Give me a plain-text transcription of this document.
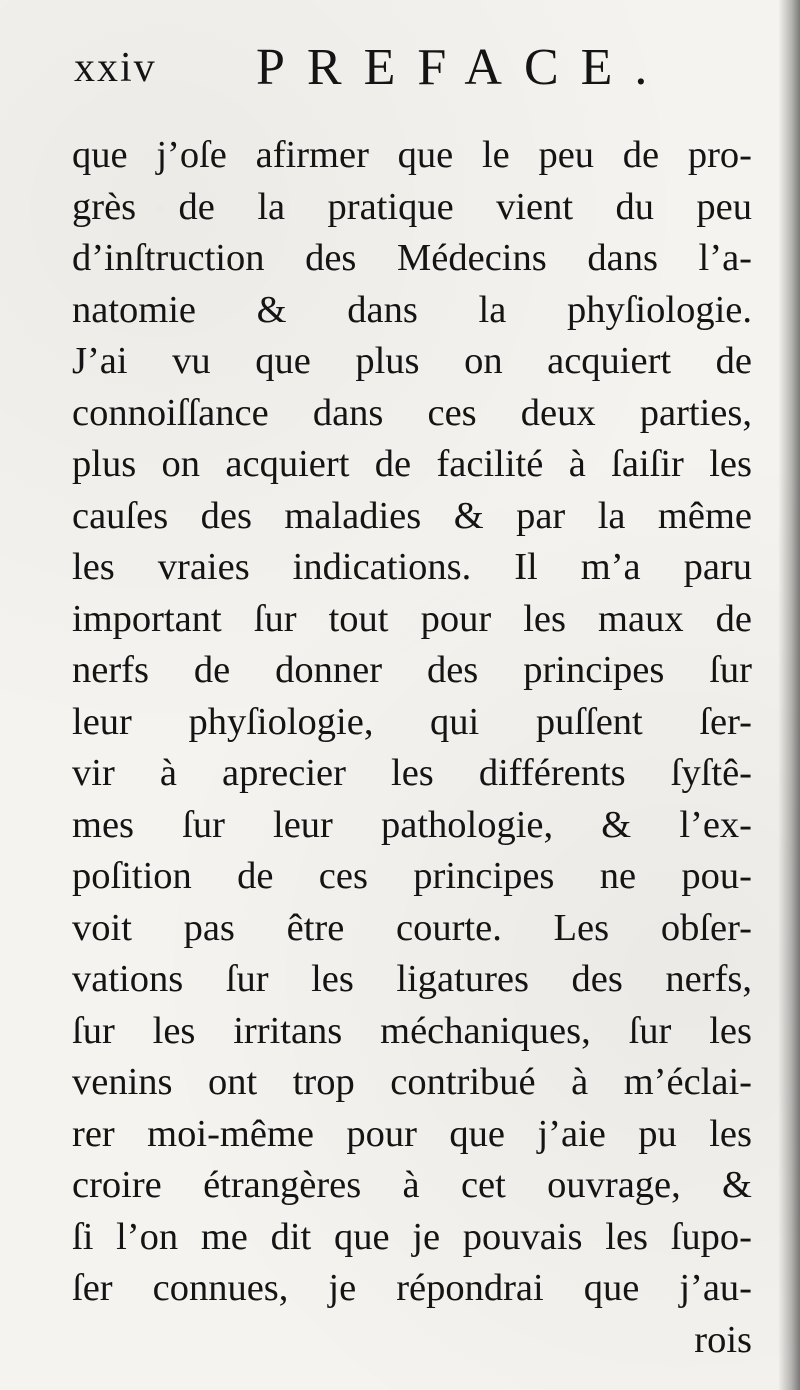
xxiv PREFACE.
que j’oſe afirmer que le peu de pro-
grès de la pratique vient du peu
d’inſtruction des Médecins dans l’a-
natomie & dans la phyſiologie.
J’ai vu que plus on acquiert de
connoiſſance dans ces deux parties,
plus on acquiert de facilité à ſaiſir les
cauſes des maladies & par la même
les vraies indications. Il m’a paru
important ſur tout pour les maux de
nerfs de donner des principes ſur
leur phyſiologie, qui puſſent ſer-
vir à aprecier les différents ſyſtê-
mes ſur leur pathologie, & l’ex-
poſition de ces principes ne pou-
voit pas être courte. Les obſer-
vations ſur les ligatures des nerfs,
ſur les irritans méchaniques, ſur les
venins ont trop contribué à m’éclai-
rer moi-même pour que j’aie pu les
croire étrangères à cet ouvrage, &
ſi l’on me dit que je pouvais les ſupo-
ſer connues, je répondrai que j’au-
rois
